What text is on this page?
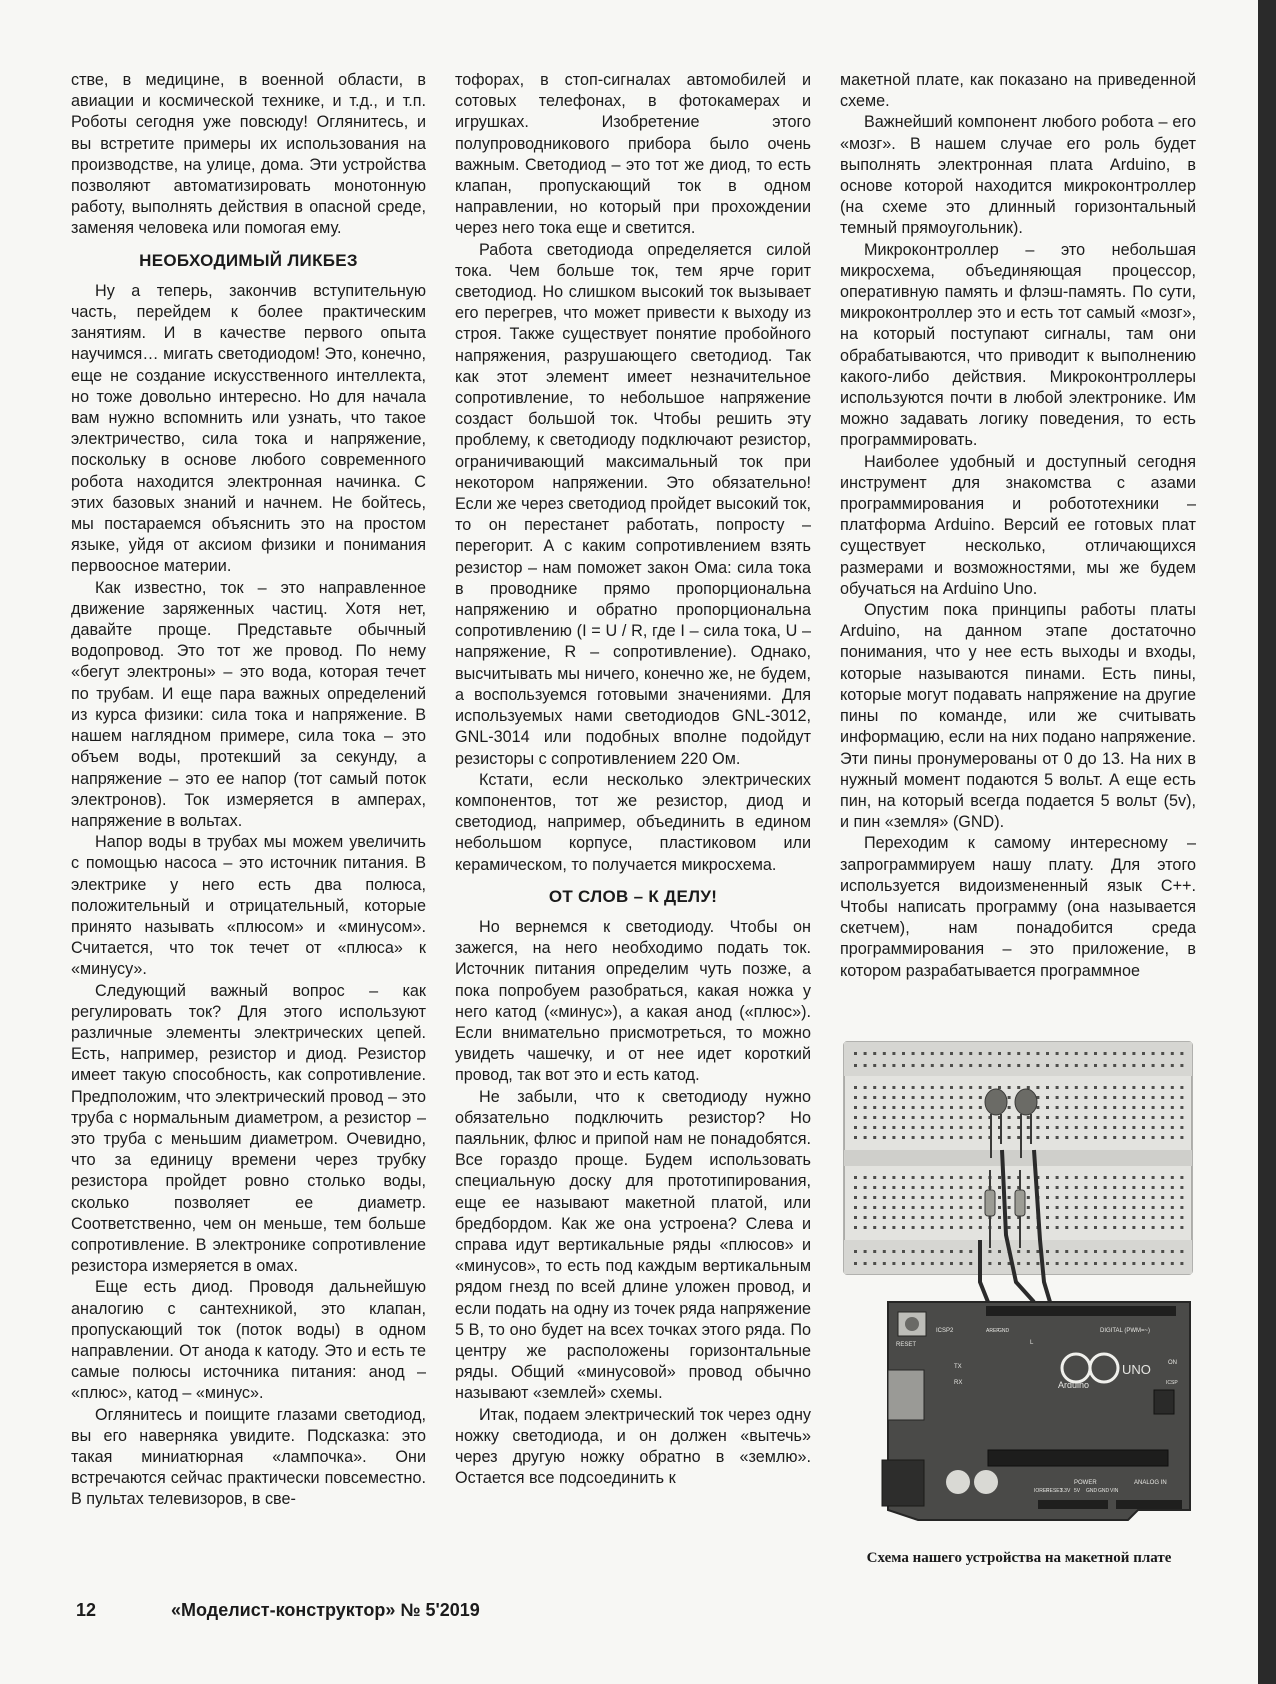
стве, в медицине, в военной области, в авиации и космической технике, и т.д., и т.п. Роботы сегодня уже повсюду! Оглянитесь, и вы встретите примеры их использования на производстве, на улице, дома. Эти устройства позволяют автоматизировать монотонную работу, выполнять действия в опасной среде, заменяя человека или помогая ему.

НЕОБХОДИМЫЙ ЛИКБЕЗ

Ну а теперь, закончив вступительную часть, перейдем к более практическим занятиям. И в качестве первого опыта научимся… мигать светодиодом! Это, конечно, еще не создание искусственного интеллекта, но тоже довольно интересно. Но для начала вам нужно вспомнить или узнать, что такое электричество, сила тока и напряжение, поскольку в основе любого современного робота находится электронная начинка. С этих базовых знаний и начнем. Не бойтесь, мы постараемся объяснить это на простом языке, уйдя от аксиом физики и понимания первоосное материи.

Как известно, ток – это направленное движение заряженных частиц. Хотя нет, давайте проще. Представьте обычный водопровод. Это тот же провод. По нему «бегут электроны» – это вода, которая течет по трубам. И еще пара важных определений из курса физики: сила тока и напряжение. В нашем наглядном примере, сила тока – это объем воды, протекший за секунду, а напряжение – это ее напор (тот самый поток электронов). Ток измеряется в амперах, напряжение в вольтах.

Напор воды в трубах мы можем увеличить с помощью насоса – это источник питания. В электрике у него есть два полюса, положительный и отрицательный, которые принято называть «плюсом» и «минусом». Считается, что ток течет от «плюса» к «минусу».

Следующий важный вопрос – как регулировать ток? Для этого используют различные элементы электрических цепей. Есть, например, резистор и диод. Резистор имеет такую способность, как сопротивление. Предположим, что электрический провод – это труба с нормальным диаметром, а резистор – это труба с меньшим диаметром. Очевидно, что за единицу времени через трубку резистора пройдет ровно столько воды, сколько позволяет ее диаметр. Соответственно, чем он меньше, тем больше сопротивление. В электронике сопротивление резистора измеряется в омах.

Еще есть диод. Проводя дальнейшую аналогию с сантехникой, это клапан, пропускающий ток (поток воды) в одном направлении. От анода к катоду. Это и есть те самые полюсы источника питания: анод – «плюс», катод – «минус».

Оглянитесь и поищите глазами светодиод, вы его наверняка увидите. Подсказка: это такая миниатюрная «лампочка». Они встречаются сейчас практически повсеместно. В пультах телевизоров, в све-

тофорах, в стоп-сигналах автомобилей и сотовых телефонах, в фотокамерах и игрушках. Изобретение этого полупроводникового прибора было очень важным. Светодиод – это тот же диод, то есть клапан, пропускающий ток в одном направлении, но который при прохождении через него тока еще и светится.

Работа светодиода определяется силой тока. Чем больше ток, тем ярче горит светодиод. Но слишком высокий ток вызывает его перегрев, что может привести к выходу из строя. Также существует понятие пробойного напряжения, разрушающего светодиод. Так как этот элемент имеет незначительное сопротивление, то небольшое напряжение создаст большой ток. Чтобы решить эту проблему, к светодиоду подключают резистор, ограничивающий максимальный ток при некотором напряжении. Это обязательно! Если же через светодиод пройдет высокий ток, то он перестанет работать, попросту – перегорит. А с каким сопротивлением взять резистор – нам поможет закон Ома: сила тока в проводнике прямо пропорциональна напряжению и обратно пропорциональна сопротивлению (I = U / R, где I – сила тока, U – напряжение, R – сопротивление). Однако, высчитывать мы ничего, конечно же, не будем, а воспользуемся готовыми значениями. Для используемых нами светодиодов GNL-3012, GNL-3014 или подобных вполне подойдут резисторы с сопротивлением 220 Ом.

Кстати, если несколько электрических компонентов, тот же резистор, диод и светодиод, например, объединить в едином небольшом корпусе, пластиковом или керамическом, то получается микросхема.

ОТ СЛОВ – К ДЕЛУ!

Но вернемся к светодиоду. Чтобы он зажегся, на него необходимо подать ток. Источник питания определим чуть позже, а пока попробуем разобраться, какая ножка у него катод («минус»), а какая анод («плюс»). Если внимательно присмотреться, то можно увидеть чашечку, и от нее идет короткий провод, так вот это и есть катод.

Не забыли, что к светодиоду нужно обязательно подключить резистор? Но паяльник, флюс и припой нам не понадобятся. Все гораздо проще. Будем использовать специальную доску для прототипирования, еще ее называют макетной платой, или бредбордом. Как же она устроена? Слева и справа идут вертикальные ряды «плюсов» и «минусов», то есть под каждым вертикальным рядом гнезд по всей длине уложен провод, и если подать на одну из точек ряда напряжение 5 В, то оно будет на всех точках этого ряда. По центру же расположены горизонтальные ряды. Общий «минусовой» провод обычно называют «землей» схемы.

Итак, подаем электрический ток через одну ножку светодиода, и он должен «вытечь» через другую ножку обратно в «землю». Остается все подсоединить к

макетной плате, как показано на приведенной схеме.

Важнейший компонент любого робота – его «мозг». В нашем случае его роль будет выполнять электронная плата Arduino, в основе которой находится микроконтроллер (на схеме это длинный горизонтальный темный прямоугольник).

Микроконтроллер – это небольшая микросхема, объединяющая процессор, оперативную память и флэш-память. По сути, микроконтроллер это и есть тот самый «мозг», на который поступают сигналы, там они обрабатываются, что приводит к выполнению какого-либо действия. Микроконтроллеры используются почти в любой электронике. Им можно задавать логику поведения, то есть программировать.

Наиболее удобный и доступный сегодня инструмент для знакомства с азами программирования и робототехники – платформа Arduino. Версий ее готовых плат существует несколько, отличающихся размерами и возможностями, мы же будем обучаться на Arduino Uno.

Опустим пока принципы работы платы Arduino, на данном этапе достаточно понимания, что у нее есть выходы и входы, которые называются пинами. Есть пины, которые могут подавать напряжение на другие пины по команде, или же считывать информацию, если на них подано напряжение. Эти пины пронумерованы от 0 до 13. На них в нужный момент подаются 5 вольт. А еще есть пин, на который всегда подается 5 вольт (5v), и пин «земля» (GND).

Переходим к самому интересному – запрограммируем нашу плату. Для этого используется видоизмененный язык C++. Чтобы написать программу (она называется скетчем), нам понадобится среда программирования – это приложение, в котором разрабатывается программное

RESET
ICSP2	AREF
GND	DIGITAL (PWM=~)
TX
RX
ON
Arduino
UNO
ICSP
IOREF
RESET
3.3V 5V GND GND VIN
POWER	ANALOG IN
L
Схема нашего устройства на макетной плате
12	«Моделист-конструктор» № 5'2019
